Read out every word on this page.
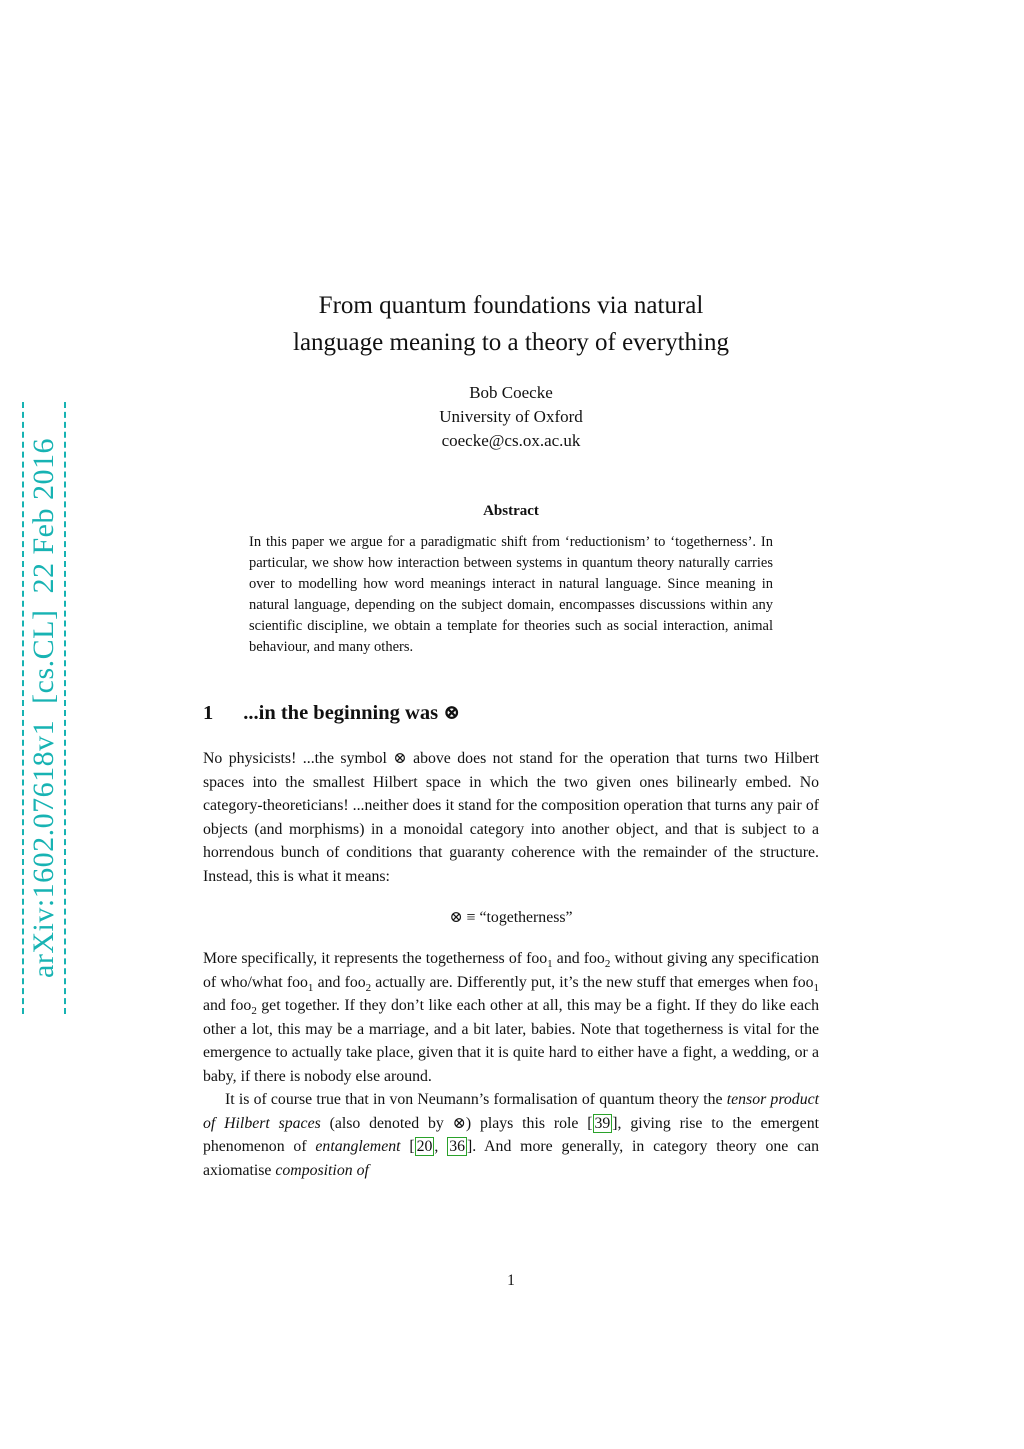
arXiv:1602.07618v1  [cs.CL]  22 Feb 2016
From quantum foundations via natural
language meaning to a theory of everything
Bob Coecke
University of Oxford
coecke@cs.ox.ac.uk
Abstract
In this paper we argue for a paradigmatic shift from ‘reductionism’ to ‘togetherness’. In particular, we show how interaction between systems in quantum theory naturally carries over to modelling how word meanings interact in natural language. Since meaning in natural language, depending on the subject domain, encompasses discussions within any scientific discipline, we obtain a template for theories such as social interaction, animal behaviour, and many others.
1 ...in the beginning was ⊗

No physicists! ...the symbol ⊗ above does not stand for the operation that turns two Hilbert spaces into the smallest Hilbert space in which the two given ones bilinearly embed. No category-theoreticians! ...neither does it stand for the composition operation that turns any pair of objects (and morphisms) in a monoidal category into another object, and that is subject to a horrendous bunch of conditions that guaranty coherence with the remainder of the structure. Instead, this is what it means:

⊗ ≡ “togetherness”

More specifically, it represents the togetherness of foo$_1$ and foo$_2$ without giving any specification of who/what foo$_1$ and foo$_2$ actually are. Differently put, it’s the new stuff that emerges when foo$_1$ and foo$_2$ get together. If they don’t like each other at all, this may be a fight. If they do like each other a lot, this may be a marriage, and a bit later, babies. Note that togetherness is vital for the emergence to actually take place, given that it is quite hard to either have a fight, a wedding, or a baby, if there is nobody else around.

It is of course true that in von Neumann’s formalisation of quantum theory the tensor product of Hilbert spaces (also denoted by ⊗) plays this role [ 39 ], giving rise to the emergent phenomenon of entanglement [ 20 , 36 ]. And more generally, in category theory one can axiomatise composition of

1
